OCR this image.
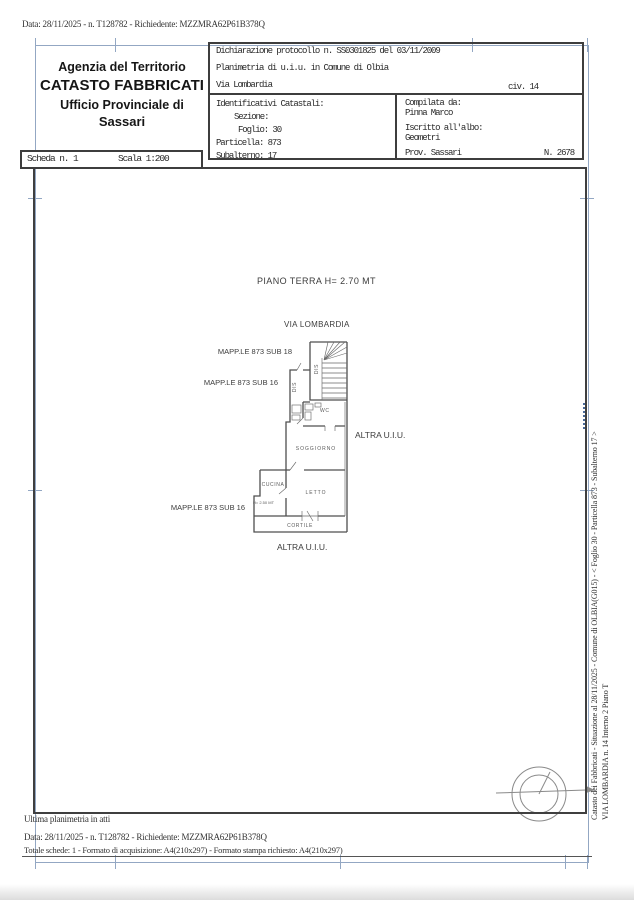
Data: 28/11/2025 - n. T128782 - Richiedente: MZZMRA62P61B378Q
Agenzia del Territorio
CATASTO FABBRICATI
Ufficio Provinciale di
Sassari
Dichiarazione protocollo n. SS0301825 del 03/11/2009
Planimetria di u.i.u. in Comune di Olbia
Via Lombardia	civ. 14
Identificativi Catastali:
Sezione:
Foglio: 30
Particella: 873
Subalterno: 17
Compilata da:
Pinna Marco
Iscritto all'albo:
Geometri
Prov. Sassari	N. 2678
Scheda n. 1	Scala 1:200
PIANO TERRA H= 2.70 MT
VIA LOMBARDIA
MAPP.LE 873 SUB 18
MAPP.LE 873 SUB 16
MAPP.LE 873 SUB 16
ALTRA U.I.U.
ALTRA U.I.U.
DIS
DIS
WC
SOGGIORNO
CUCINA
LETTO
CORTILE
H= 2.50 MT	Catasto dei Fabbricati - Situazione al 28/11/2025 - Comune di OLBIA(G015) - < Foglio 30 - Particella 873 - Subalterno 17 > VIA LOMBARDIA n. 14 Interno 2 Piano T
Ultima planimetria in atti
Data: 28/11/2025 - n. T128782 - Richiedente: MZZMRA62P61B378Q
Totale schede: 1 - Formato di acquisizione: A4(210x297) - Formato stampa richiesto: A4(210x297)
